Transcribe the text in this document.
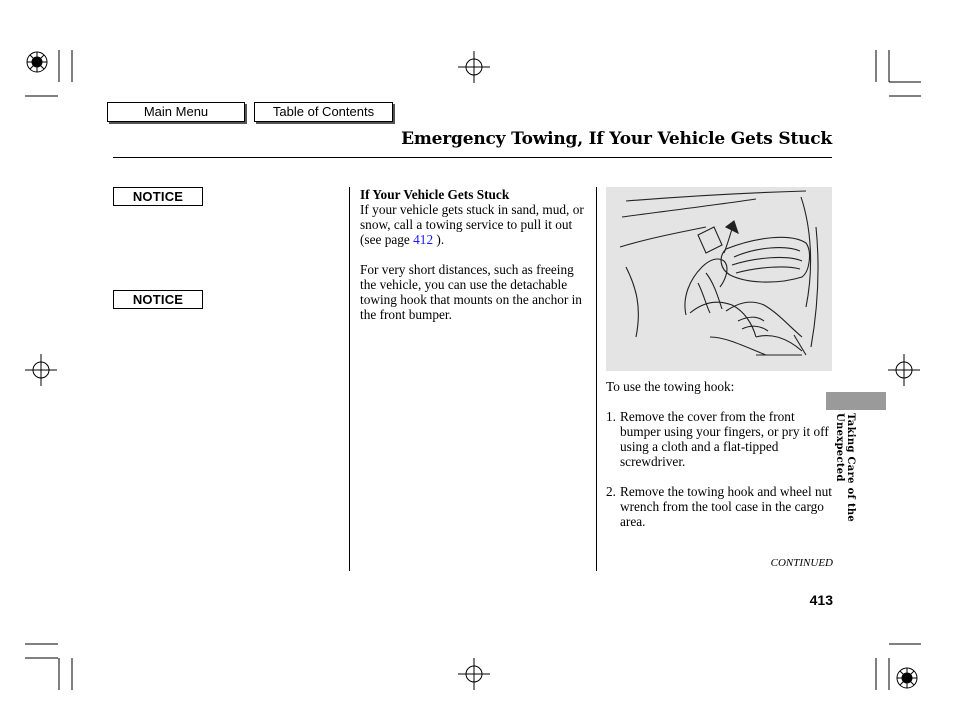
Main Menu	Table of Contents
Emergency Towing, If Your Vehicle Gets Stuck
NOTICE
NOTICE

If Your Vehicle Gets Stuck

If your vehicle gets stuck in sand, mud, or snow, call a towing service to pull it out (see page 412 ).

For very short distances, such as freeing the vehicle, you can use the detachable towing hook that mounts on the anchor in the front bumper.

To use the towing hook:

1. Remove the cover from the front bumper using your fingers, or pry it off using a cloth and a flat-tipped screwdriver.
2. Remove the towing hook and wheel nut wrench from the tool case in the cargo area.	Taking Care of the Unexpected
CONTINUED
413
